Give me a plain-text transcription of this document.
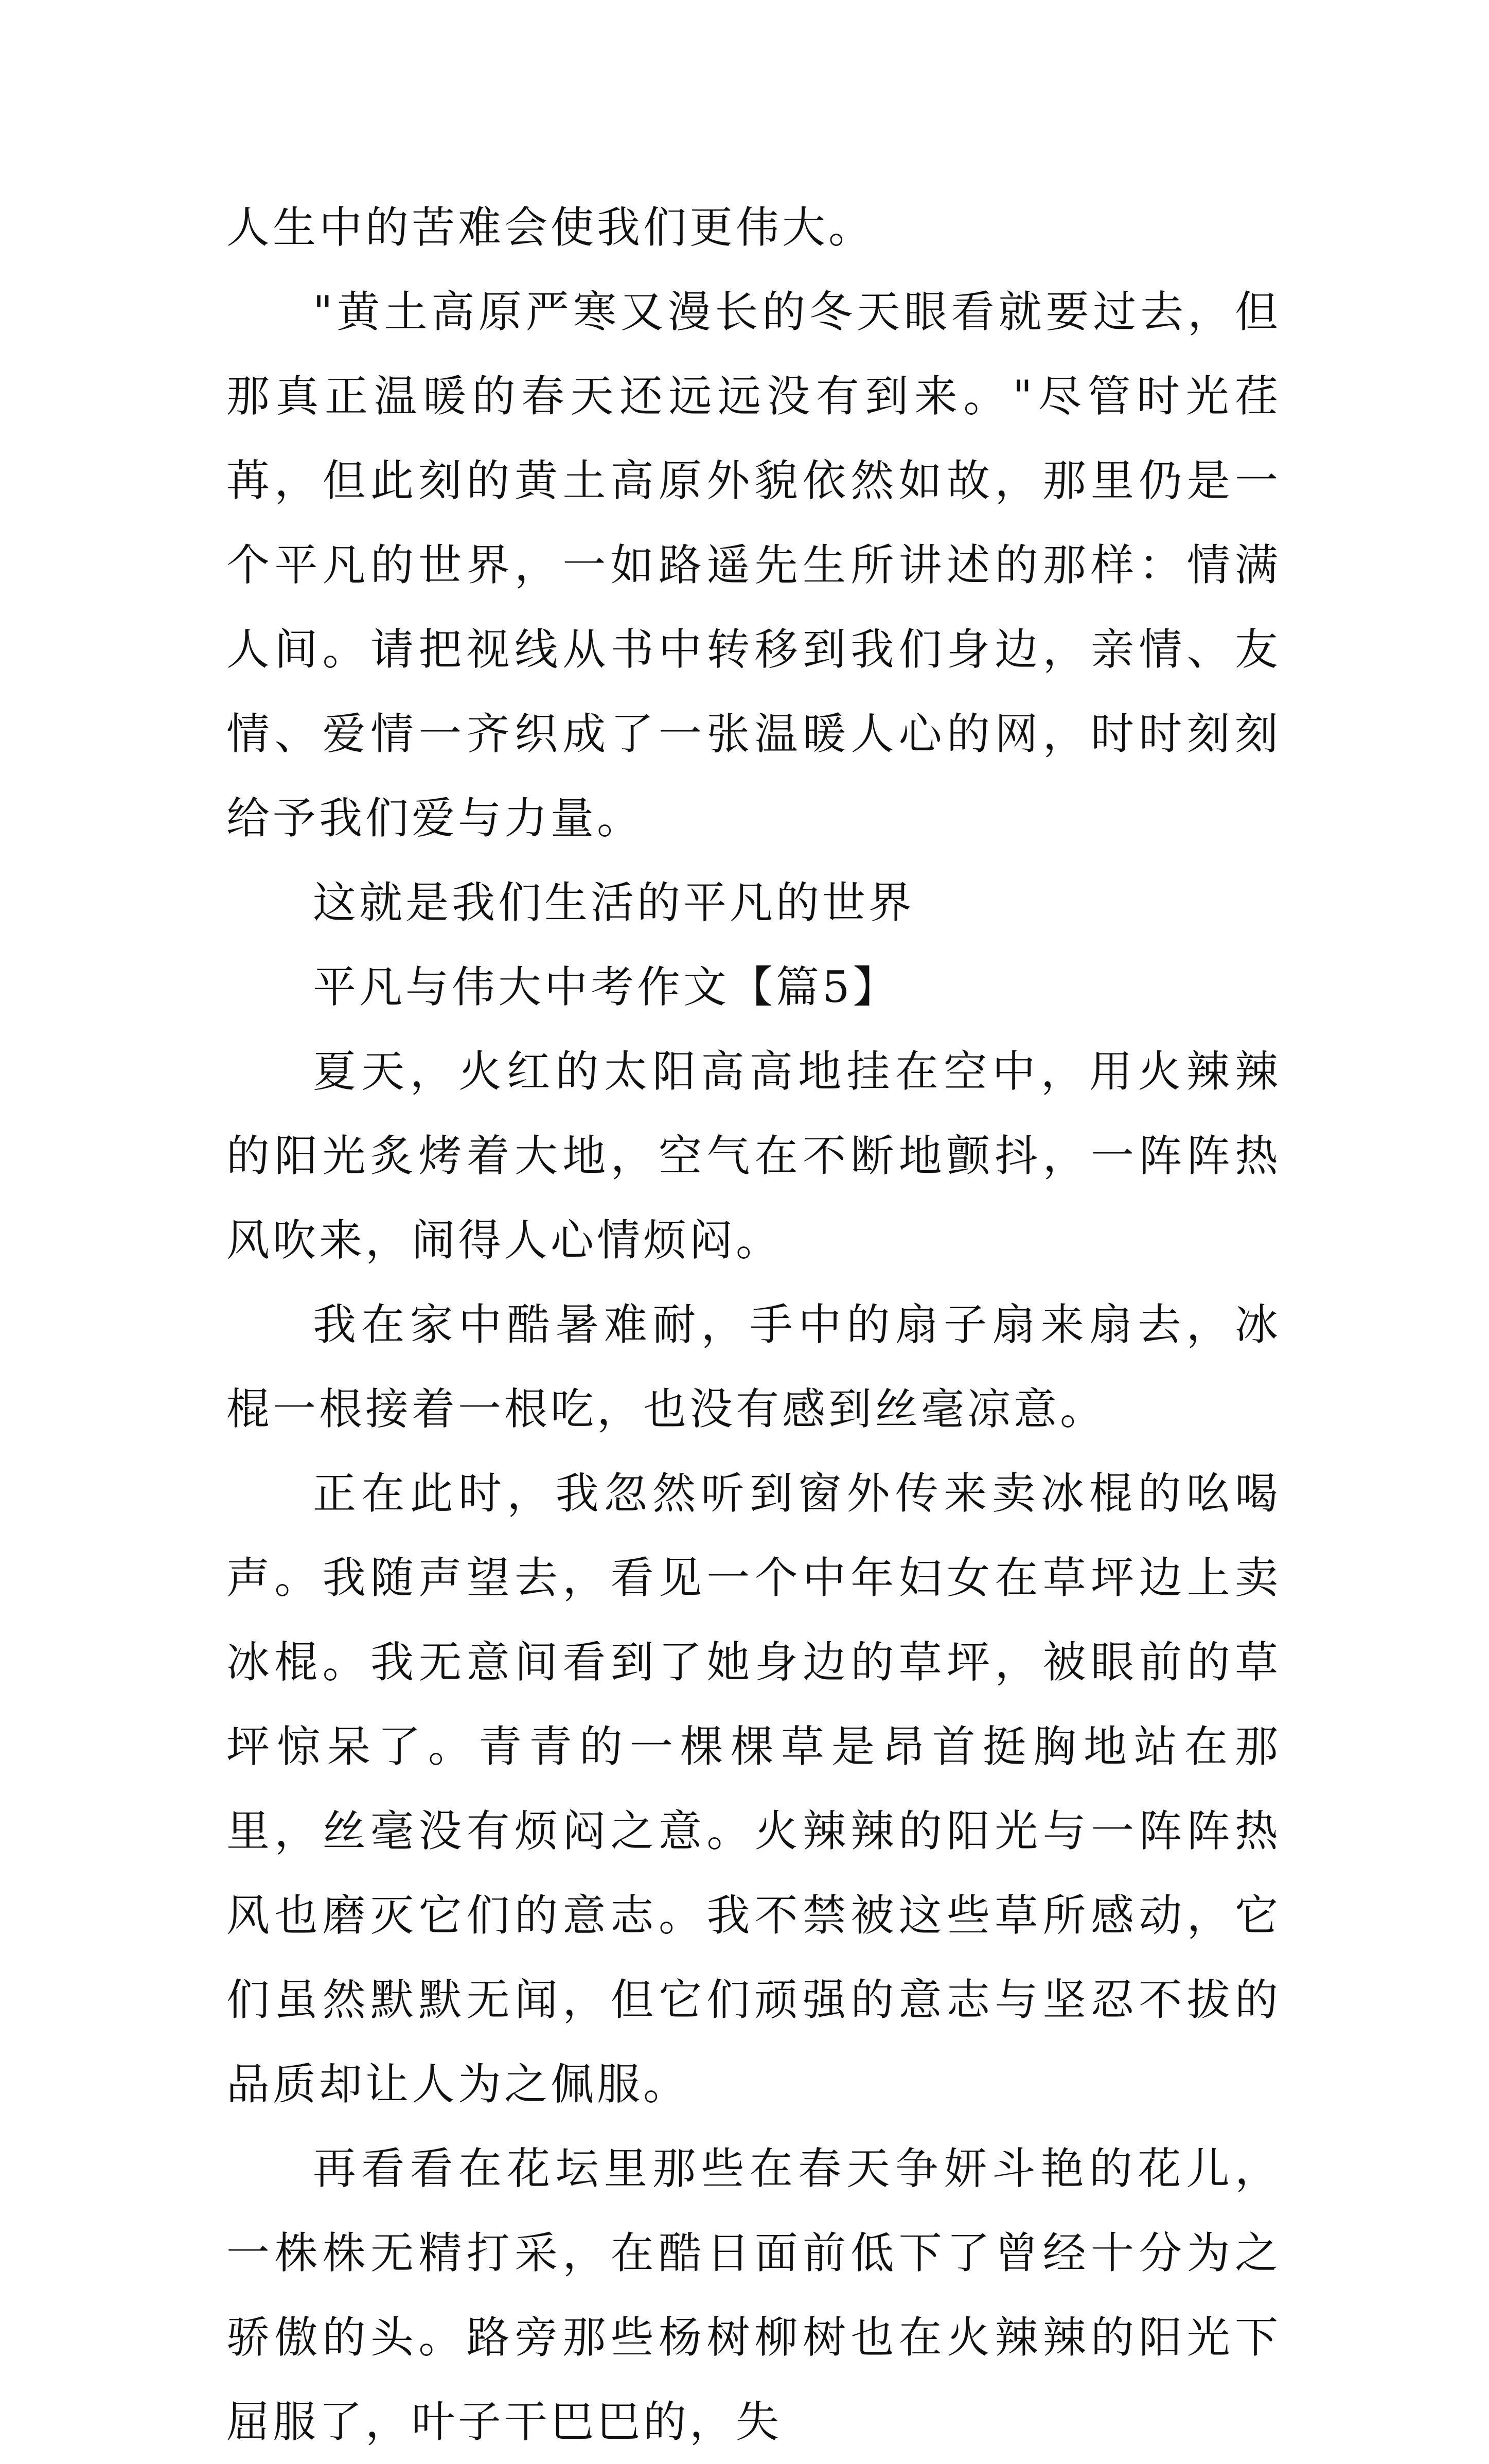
人生中的苦难会使我们更伟大。

"黄土高原严寒又漫长的冬天眼看就要过去，但那真正温暖的春天还远远没有到来。"尽管时光荏苒，但此刻的黄土高原外貌依然如故，那里仍是一个平凡的世界，一如路遥先生所讲述的那样：情满人间。请把视线从书中转移到我们身边，亲情、友情、爱情一齐织成了一张温暖人心的网，时时刻刻给予我们爱与力量。

这就是我们生活的平凡的世界

平凡与伟大中考作文【篇5】

夏天，火红的太阳高高地挂在空中，用火辣辣的阳光炙烤着大地，空气在不断地颤抖，一阵阵热风吹来，闹得人心情烦闷。

我在家中酷暑难耐，手中的扇子扇来扇去，冰棍一根接着一根吃，也没有感到丝毫凉意。

正在此时，我忽然听到窗外传来卖冰棍的吆喝声。我随声望去，看见一个中年妇女在草坪边上卖冰棍。我无意间看到了她身边的草坪，被眼前的草坪惊呆了。青青的一棵棵草是昂首挺胸地站在那里，丝毫没有烦闷之意。火辣辣的阳光与一阵阵热风也磨灭它们的意志。我不禁被这些草所感动，它们虽然默默无闻，但它们顽强的意志与坚忍不拔的品质却让人为之佩服。

再看看在花坛里那些在春天争妍斗艳的花儿，一株株无精打采，在酷日面前低下了曾经十分为之骄傲的头。路旁那些杨树柳树也在火辣辣的阳光下屈服了，叶子干巴巴的，失
